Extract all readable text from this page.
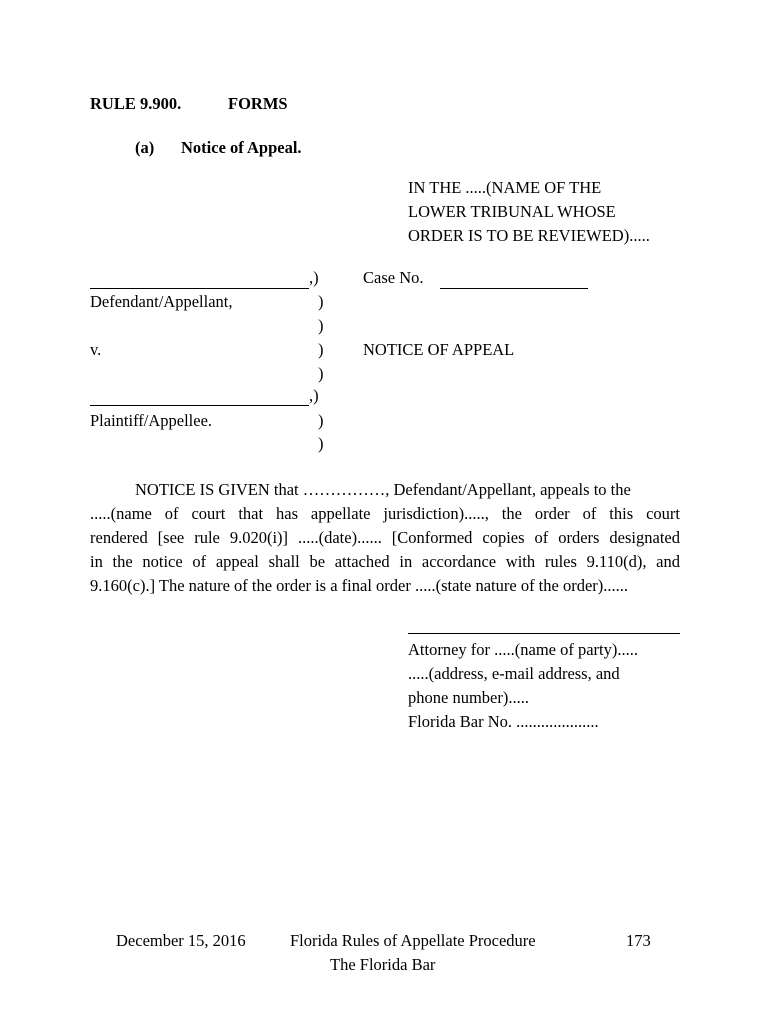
RULE 9.900.	FORMS
(a) Notice of Appeal.
IN THE .....(NAME OF THE
LOWER TRIBUNAL WHOSE
ORDER IS TO BE REVIEWED).....
,)
Defendant/Appellant,	)
)
v.	)
)
,)
Plaintiff/Appellee.	)
)
Case No.
NOTICE OF APPEAL
NOTICE IS GIVEN that ……………, Defendant/Appellant, appeals to the
.....(name of court that has appellate jurisdiction)....., the order of this court
rendered [see rule 9.020(i)] .....(date)...... [Conformed copies of orders designated
in the notice of appeal shall be attached in accordance with rules 9.110(d), and
9.160(c).] The nature of the order is a final order .....(state nature of the order)......
Attorney for .....(name of party).....
.....(address, e-mail address, and
phone number).....
Florida Bar No. ....................
December 15, 2016	Florida Rules of Appellate Procedure	173
The Florida Bar
